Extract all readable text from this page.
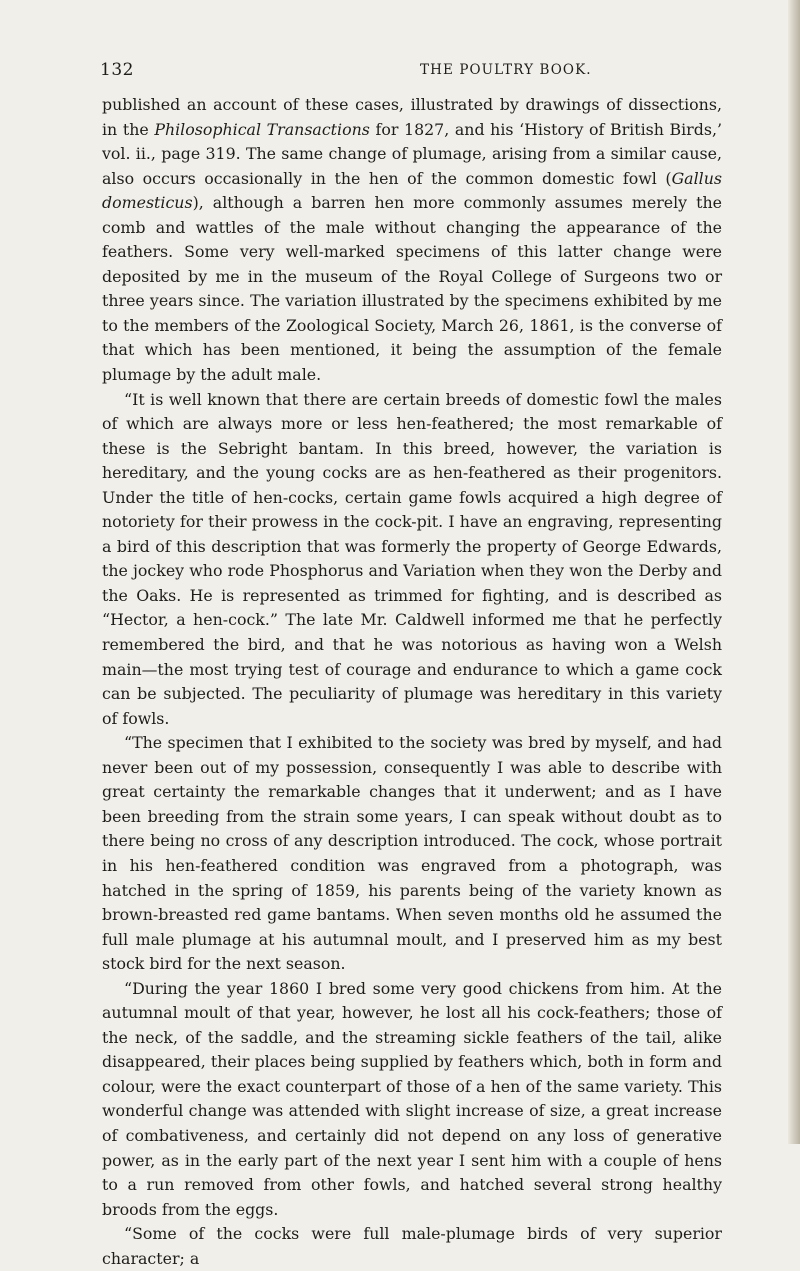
132	THE POULTRY BOOK.

published an account of these cases, illustrated by drawings of dissections, in the Philosophical Transactions for 1827, and his ‘History of British Birds,’ vol. ii., page 319. The same change of plumage, arising from a similar cause, also occurs occasionally in the hen of the common domestic fowl (Gallus domesticus), although a barren hen more commonly assumes merely the comb and wattles of the male without changing the appearance of the feathers. Some very well-marked specimens of this latter change were deposited by me in the museum of the Royal College of Surgeons two or three years since. The variation illustrated by the specimens exhibited by me to the members of the Zoological Society, March 26, 1861, is the converse of that which has been mentioned, it being the assumption of the female plumage by the adult male.

“It is well known that there are certain breeds of domestic fowl the males of which are always more or less hen-feathered; the most remarkable of these is the Sebright bantam. In this breed, however, the variation is hereditary, and the young cocks are as hen-feathered as their progenitors. Under the title of hen-cocks, certain game fowls acquired a high degree of notoriety for their prowess in the cock-pit. I have an engraving, representing a bird of this description that was formerly the property of George Edwards, the jockey who rode Phosphorus and Variation when they won the Derby and the Oaks. He is represented as trimmed for fighting, and is described as “Hector, a hen-cock.” The late Mr. Caldwell informed me that he perfectly remembered the bird, and that he was notorious as having won a Welsh main—the most trying test of courage and endurance to which a game cock can be subjected. The peculiarity of plumage was hereditary in this variety of fowls.

“The specimen that I exhibited to the society was bred by myself, and had never been out of my possession, consequently I was able to describe with great certainty the remarkable changes that it underwent; and as I have been breeding from the strain some years, I can speak without doubt as to there being no cross of any description introduced. The cock, whose portrait in his hen-feathered condition was engraved from a photograph, was hatched in the spring of 1859, his parents being of the variety known as brown-breasted red game bantams. When seven months old he assumed the full male plumage at his autumnal moult, and I preserved him as my best stock bird for the next season.

“During the year 1860 I bred some very good chickens from him. At the autumnal moult of that year, however, he lost all his cock-feathers; those of the neck, of the saddle, and the streaming sickle feathers of the tail, alike disappeared, their places being supplied by feathers which, both in form and colour, were the exact counterpart of those of a hen of the same variety. This wonderful change was attended with slight increase of size, a great increase of combativeness, and certainly did not depend on any loss of generative power, as in the early part of the next year I sent him with a couple of hens to a run removed from other fowls, and hatched several strong healthy broods from the eggs.

“Some of the cocks were full male-plumage birds of very superior character; a
